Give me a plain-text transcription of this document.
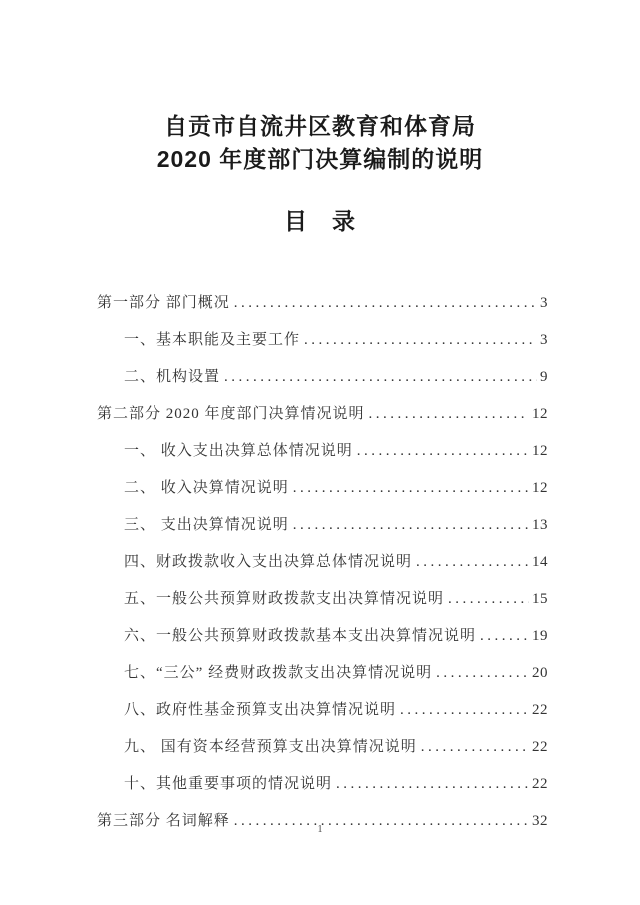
自贡市自流井区教育和体育局
2020 年度部门决算编制的说明
目　录
第一部分 部门概况 .....	3
一、基本职能及主要工作 .....	3
二、机构设置 .....	9
第二部分 2020 年度部门决算情况说明 .....	12
一、 收入支出决算总体情况说明 .....	12
二、 收入决算情况说明 .....	12
三、 支出决算情况说明 .....	13
四、财政拨款收入支出决算总体情况说明 .....	14
五、一般公共预算财政拨款支出决算情况说明 .....	15
六、一般公共预算财政拨款基本支出决算情况说明 .....	19
七、“三公” 经费财政拨款支出决算情况说明 .....	20
八、政府性基金预算支出决算情况说明 .....	22
九、 国有资本经营预算支出决算情况说明 .....	22
十、其他重要事项的情况说明 .....	22
第三部分 名词解释 .....	32
1
